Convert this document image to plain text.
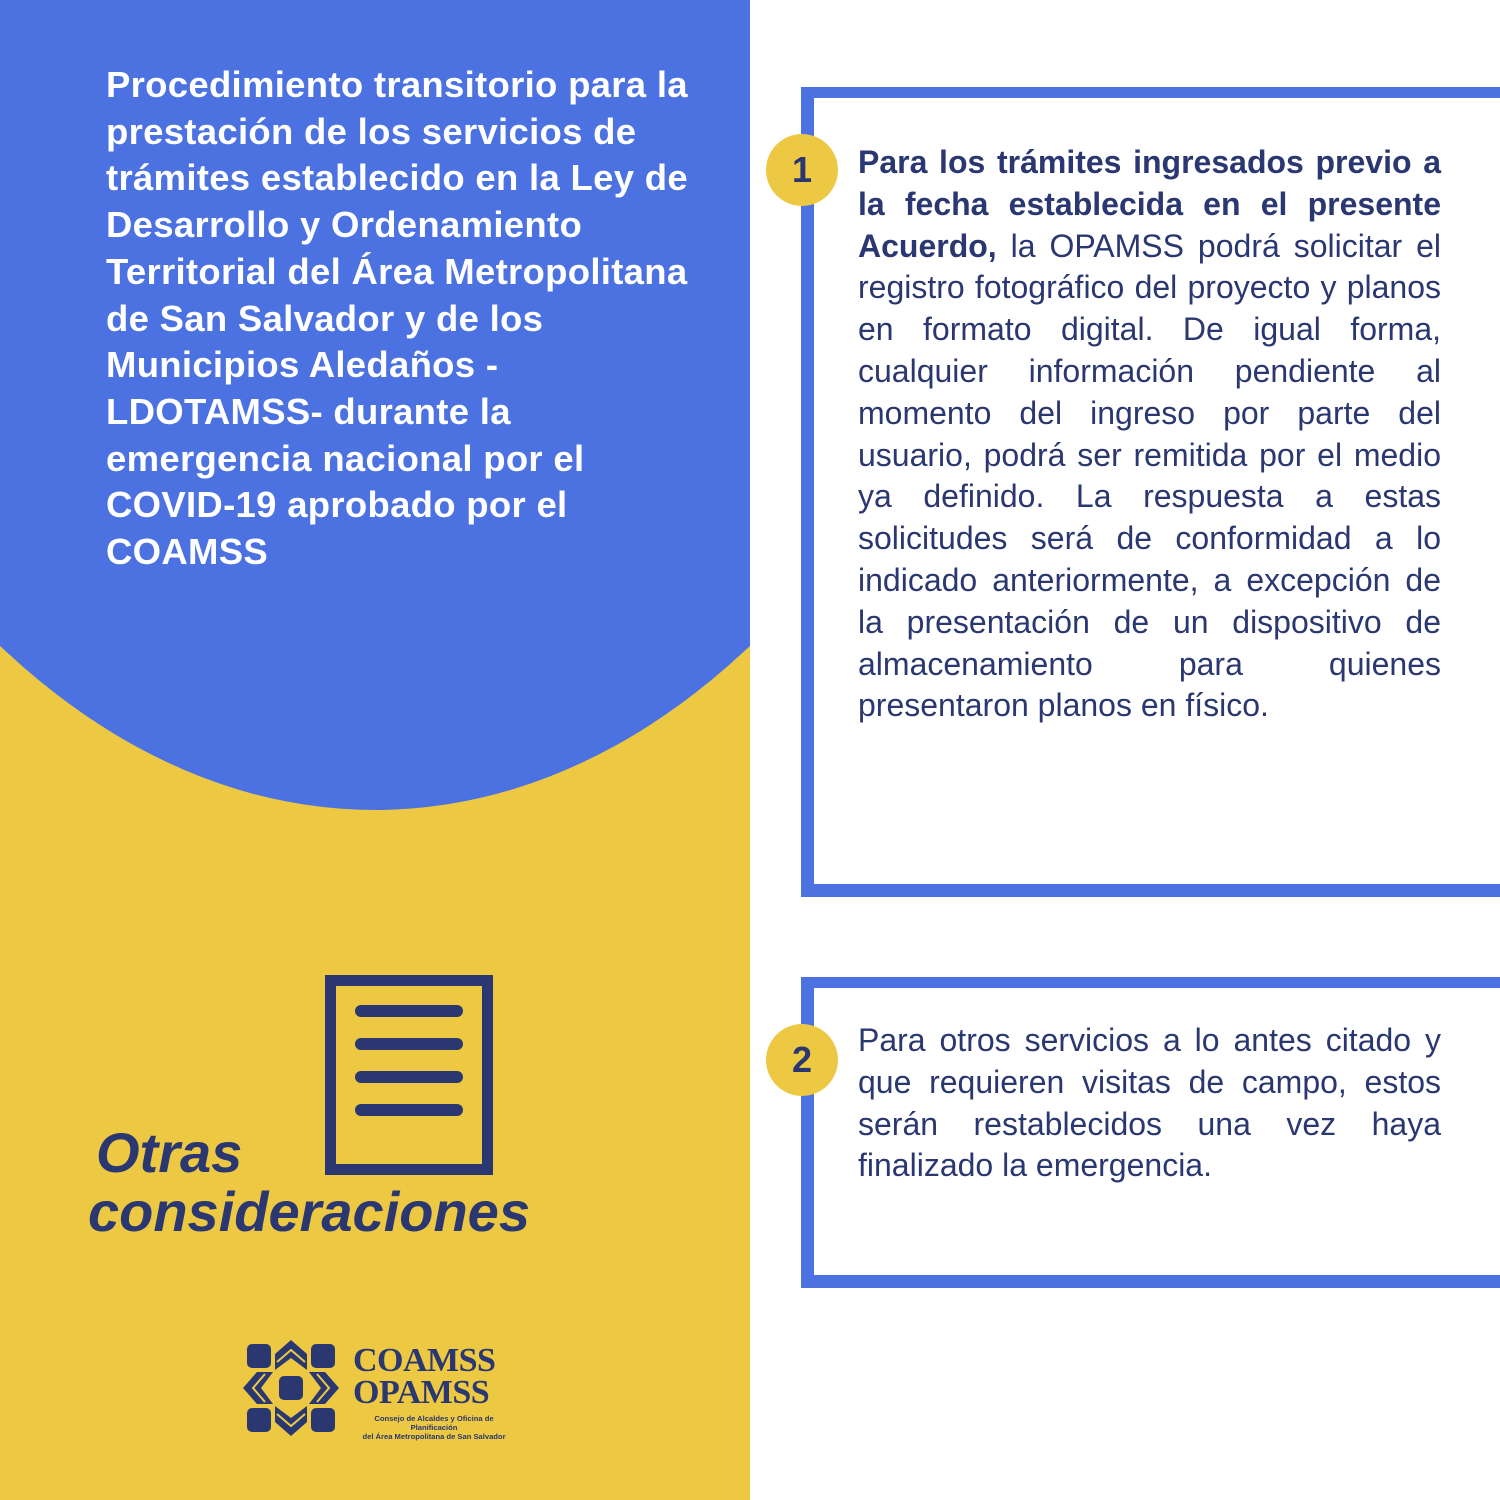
Procedimiento transitorio para la prestación de los servicios de trámites establecido en la Ley de Desarrollo y Ordenamiento Territorial del Área Metropolitana de San Salvador y de los Municipios Aledaños -LDOTAMSS- durante la emergencia nacional por el COVID-19 aprobado por el COAMSS

Otras
consideraciones
COAMSS
OPAMSS
Consejo de Alcaldes y Oficina de Planificación
del Área Metropolitana de San Salvador
1	Para los trámites ingresados previo a la fecha establecida en el presente Acuerdo, la OPAMSS podrá solicitar el registro fotográfico del proyecto y planos en formato digital. De igual forma, cualquier información pendiente al momento del ingreso por parte del usuario, podrá ser remitida por el medio ya definido. La respuesta a estas solicitudes será de conformidad a lo indicado anteriormente, a excepción de la presentación de un dispositivo de almacenamiento para quienes presentaron planos en físico.

2	Para otros servicios a lo antes citado y que requieren visitas de campo, estos serán restablecidos una vez haya finalizado la emergencia.
